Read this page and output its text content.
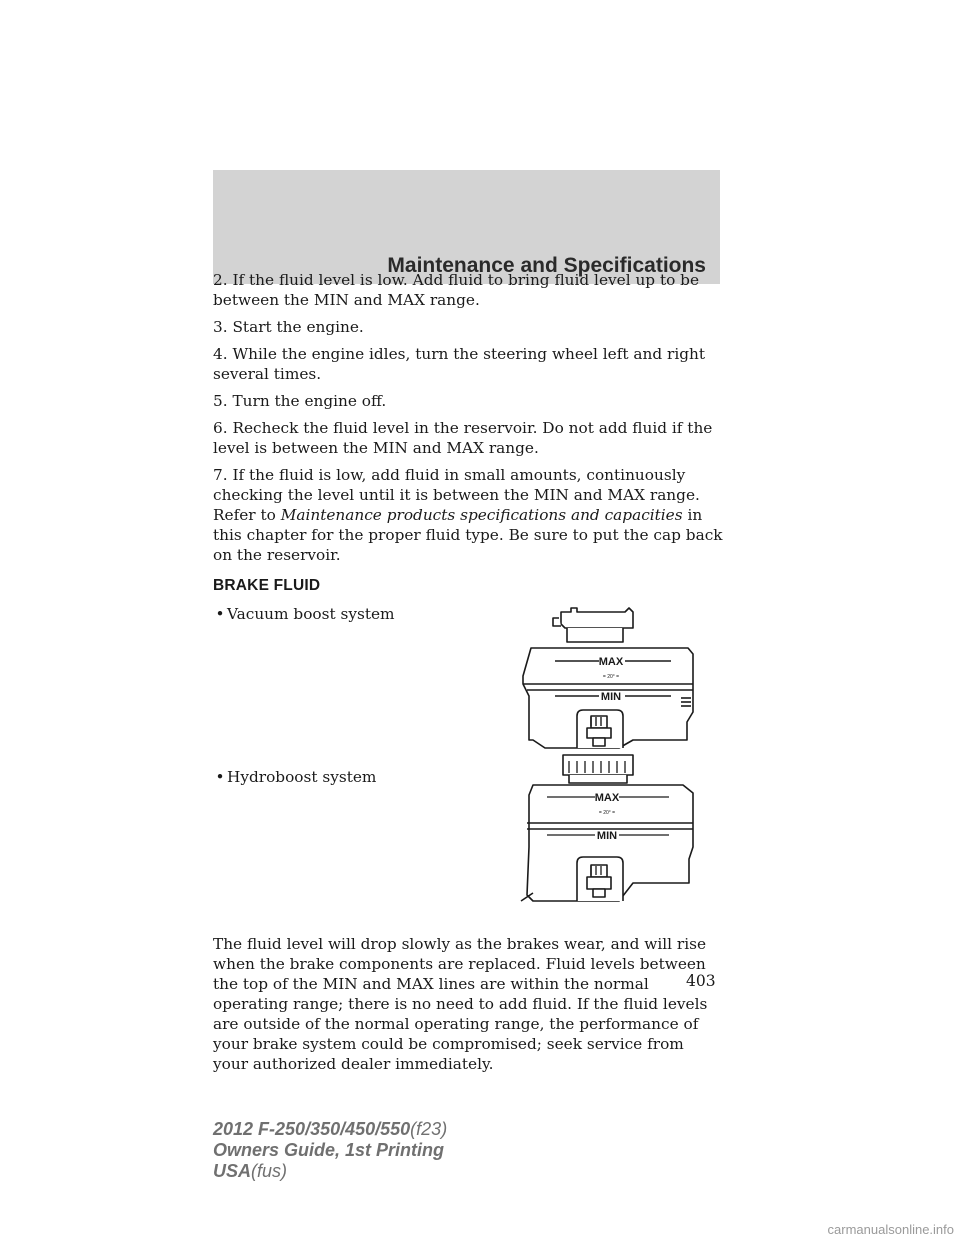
Maintenance and Specifications

2. If the fluid level is low. Add fluid to bring fluid level up to be between the MIN and MAX range.

3. Start the engine.

4. While the engine idles, turn the steering wheel left and right several times.

5. Turn the engine off.

6. Recheck the fluid level in the reservoir. Do not add fluid if the level is between the MIN and MAX range.

7. If the fluid is low, add fluid in small amounts, continuously checking the level until it is between the MIN and MAX range. Refer to Maintenance products specifications and capacities in this chapter for the proper fluid type. Be sure to put the cap back on the reservoir.

BRAKE FLUID
• Vacuum boost system
MAX
= 20° =
MIN
• Hydroboost system
MAX
= 20° =
MIN

The fluid level will drop slowly as the brakes wear, and will rise when the brake components are replaced. Fluid levels between the top of the MIN and MAX lines are within the normal operating range; there is no need to add fluid. If the fluid levels are outside of the normal operating range, the performance of your brake system could be compromised; seek service from your authorized dealer immediately.

403
2012 F-250/350/450/550(f23)
Owners Guide, 1st Printing
USA(fus)
carmanualsonline.info
